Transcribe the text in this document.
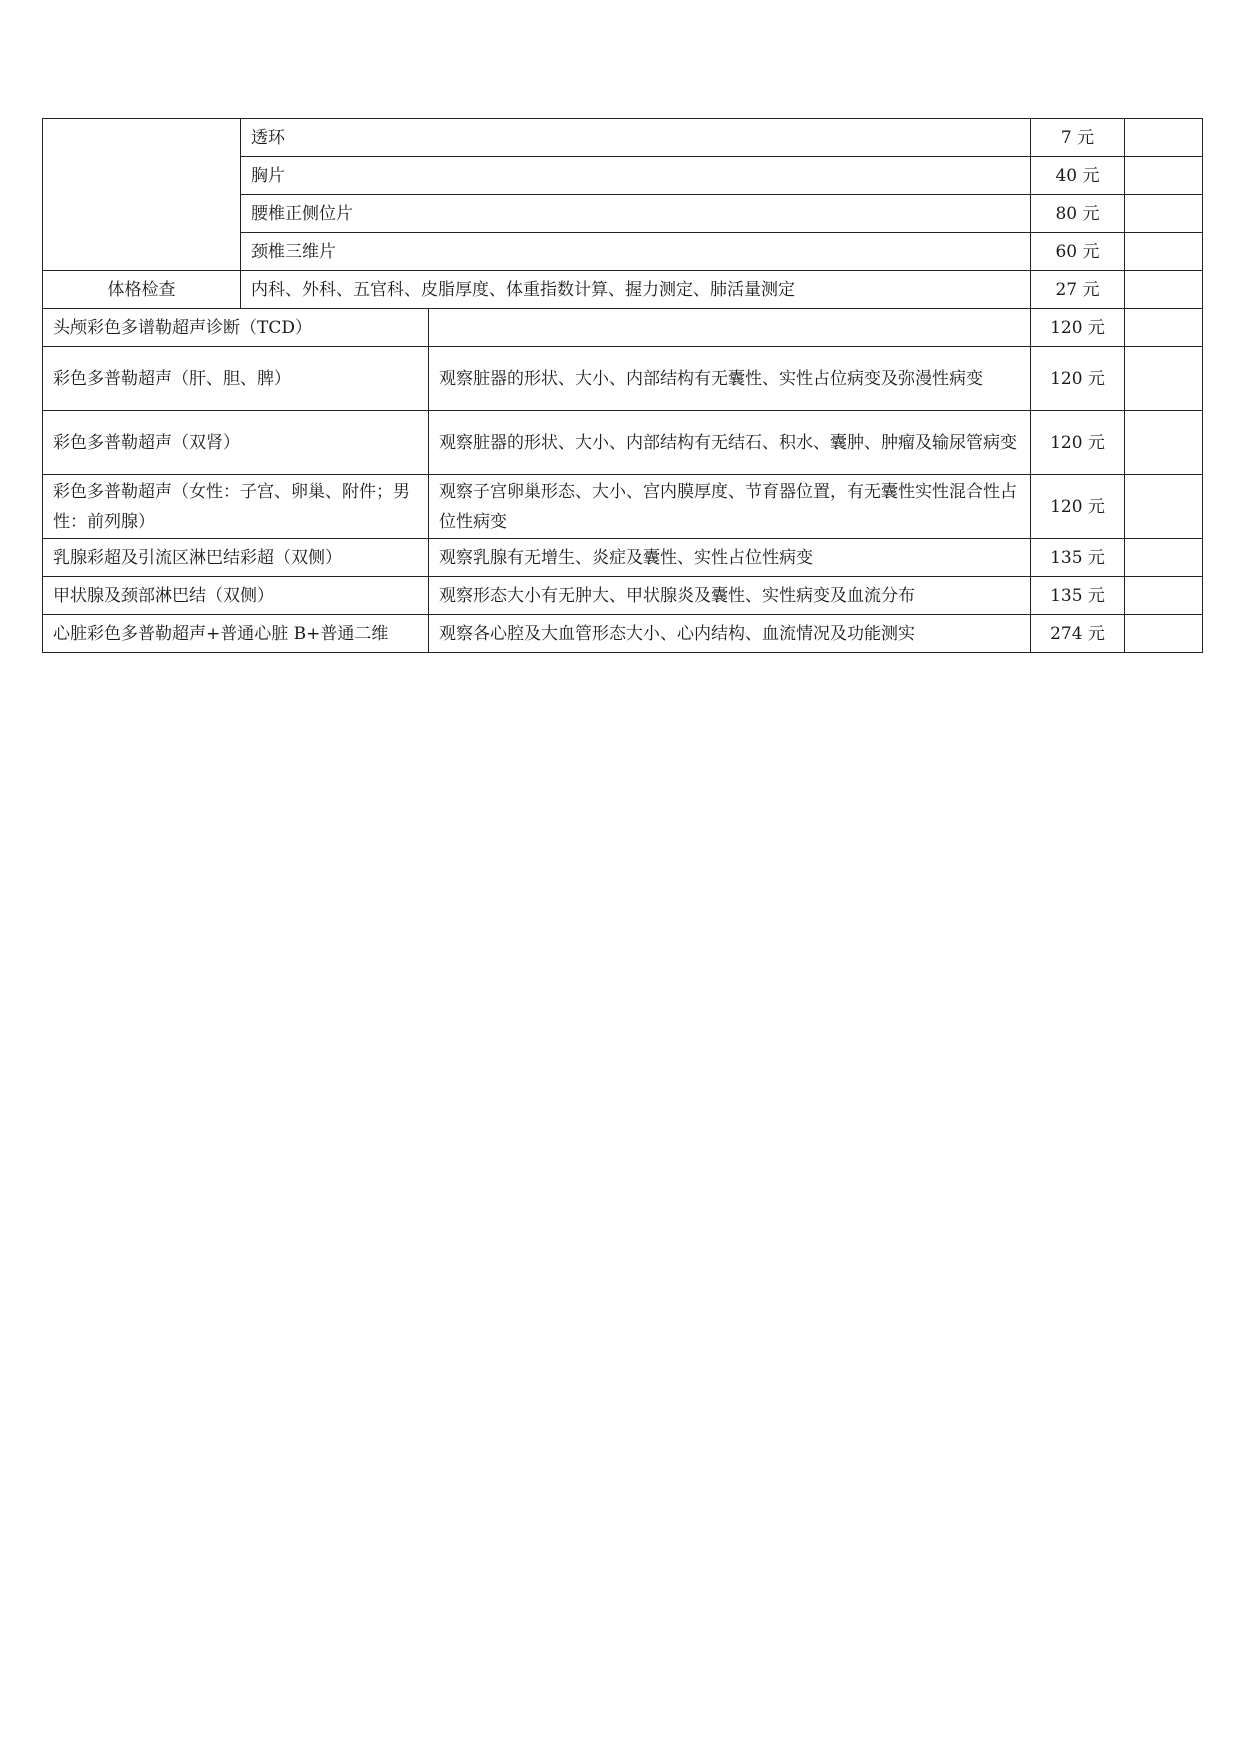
	透环		7 元	
	胸片		40 元	
	腰椎正侧位片		80 元	
	颈椎三维片		60 元	
体格检查	内科、外科、五官科、皮脂厚度、体重指数计算、握力测定、肺活量测定		27 元	
头颅彩色多谱勒超声诊断（TCD）			120 元	
彩色多普勒超声（肝、胆、脾）		观察脏器的形状、大小、内部结构有无囊性、实性占位病变及弥漫性病变	120 元	
彩色多普勒超声（双肾）		观察脏器的形状、大小、内部结构有无结石、积水、囊肿、肿瘤及输尿管病变	120 元	
彩色多普勒超声（女性：子宫、卵巢、附件；男性：前列腺）		观察子宫卵巢形态、大小、宫内膜厚度、节育器位置，有无囊性实性混合性占位性病变	120 元	
乳腺彩超及引流区淋巴结彩超（双侧）		观察乳腺有无增生、炎症及囊性、实性占位性病变	135 元	
甲状腺及颈部淋巴结（双侧）		观察形态大小有无肿大、甲状腺炎及囊性、实性病变及血流分布	135 元	
心脏彩色多普勒超声+普通心脏 B+普通二维		观察各心腔及大血管形态大小、心内结构、血流情况及功能测实	274 元	
